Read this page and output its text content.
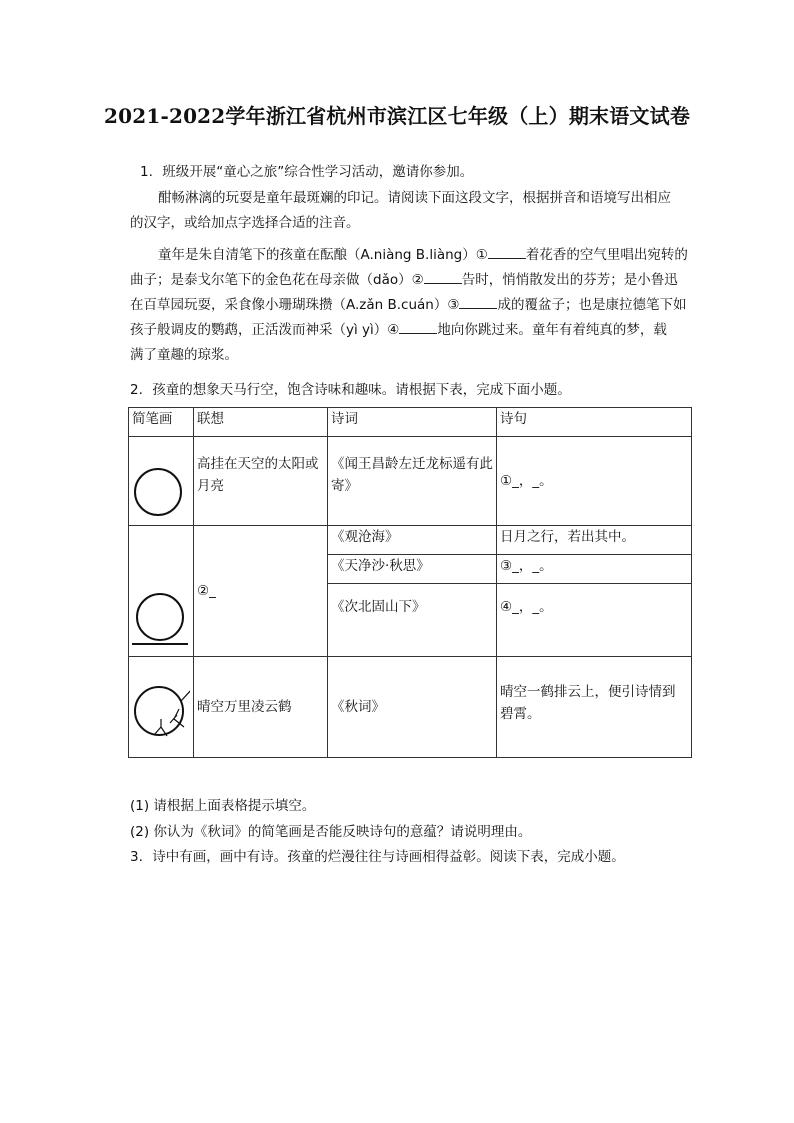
2021-2022学年浙江省杭州市滨江区七年级（上）期末语文试卷
1. 班级开展“童心之旅”综合性学习活动，邀请你参加。
酣畅淋漓的玩耍是童年最斑斓的印记。请阅读下面这段文字，根据拼音和语境写出相应
的汉字，或给加点字选择合适的注音。
童年是朱自清笔下的孩童在酝酿（A.niàng B.liàng）①	着花香的空气里唱出宛转的
曲子；是泰戈尔笔下的金色花在母亲做（dǎo）②	告时，悄悄散发出的芬芳；是小鲁迅
在百草园玩耍，采食像小珊瑚珠攒（A.zǎn B.cuán）③	成的覆盆子；也是康拉德笔下如
孩子般调皮的鹦鹉，正活泼而神采（yì yì）④	地向你跳过来。童年有着纯真的梦，载
满了童趣的琼浆。
2. 孩童的想象天马行空，饱含诗味和趣味。请根据下表，完成下面小题。
简笔画	联想	诗词	诗句

	高挂在天空的太阳或月亮	《闻王昌龄左迁龙标遥有此寄》	①_，_。

	②_	《观沧海》	日月之行，若出其中。
		《天净沙·秋思》	③_，_。
		《次北固山下》	④_，_。

	晴空万里凌云鹤	《秋词》	晴空一鹤排云上，便引诗情到碧霄。
(1) 请根据上面表格提示填空。
(2) 你认为《秋词》的简笔画是否能反映诗句的意蕴？请说明理由。
3. 诗中有画，画中有诗。孩童的烂漫往往与诗画相得益彰。阅读下表，完成小题。
